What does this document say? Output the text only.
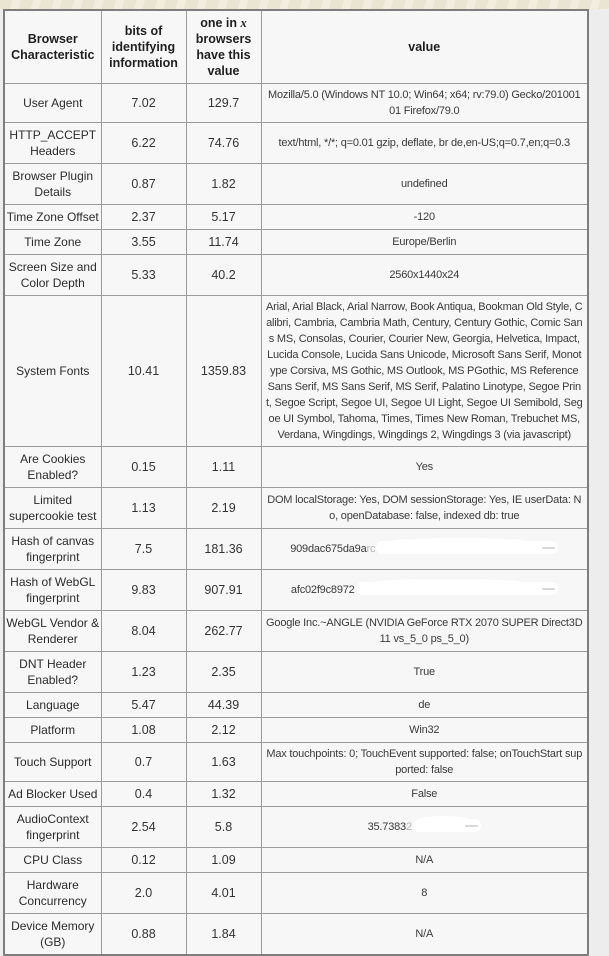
Browser Characteristic	bits of identifying information	one in x browsers have this value	value
User Agent	7.02	129.7	Mozilla/5.0 (Windows NT 10.0; Win64; x64; rv:79.0) Gecko/20100101 Firefox/79.0
HTTP_ACCEPT Headers	6.22	74.76	text/html, */*; q=0.01 gzip, deflate, br de,en-US;q=0.7,en;q=0.3
Browser Plugin Details	0.87	1.82	undefined
Time Zone Offset	2.37	5.17	-120
Time Zone	3.55	11.74	Europe/Berlin
Screen Size and Color Depth	5.33	40.2	2560x1440x24
System Fonts	10.41	1359.83	Arial, Arial Black, Arial Narrow, Book Antiqua, Bookman Old Style, Calibri, Cambria, Cambria Math, Century, Century Gothic, Comic Sans MS, Consolas, Courier, Courier New, Georgia, Helvetica, Impact, Lucida Console, Lucida Sans Unicode, Microsoft Sans Serif, Monotype Corsiva, MS Gothic, MS Outlook, MS PGothic, MS Reference Sans Serif, MS Sans Serif, MS Serif, Palatino Linotype, Segoe Print, Segoe Script, Segoe UI, Segoe UI Light, Segoe UI Semibold, Segoe UI Symbol, Tahoma, Times, Times New Roman, Trebuchet MS, Verdana, Wingdings, Wingdings 2, Wingdings 3 (via javascript)
Are Cookies Enabled?	0.15	1.11	Yes
Limited supercookie test	1.13	2.19	DOM localStorage: Yes, DOM sessionStorage: Yes, IE userData: No, openDatabase: false, indexed db: true
Hash of canvas fingerprint	7.5	181.36	909dac675da9arc
Hash of WebGL fingerprint	9.83	907.91	afc02f9c8972
WebGL Vendor & Renderer	8.04	262.77	Google Inc.~ANGLE (NVIDIA GeForce RTX 2070 SUPER Direct3D11 vs_5_0 ps_5_0)
DNT Header Enabled?	1.23	2.35	True
Language	5.47	44.39	de
Platform	1.08	2.12	Win32
Touch Support	0.7	1.63	Max touchpoints: 0; TouchEvent supported: false; onTouchStart supported: false
Ad Blocker Used	0.4	1.32	False
AudioContext fingerprint	2.54	5.8	35.73832
CPU Class	0.12	1.09	N/A
Hardware Concurrency	2.0	4.01	8
Device Memory (GB)	0.88	1.84	N/A
